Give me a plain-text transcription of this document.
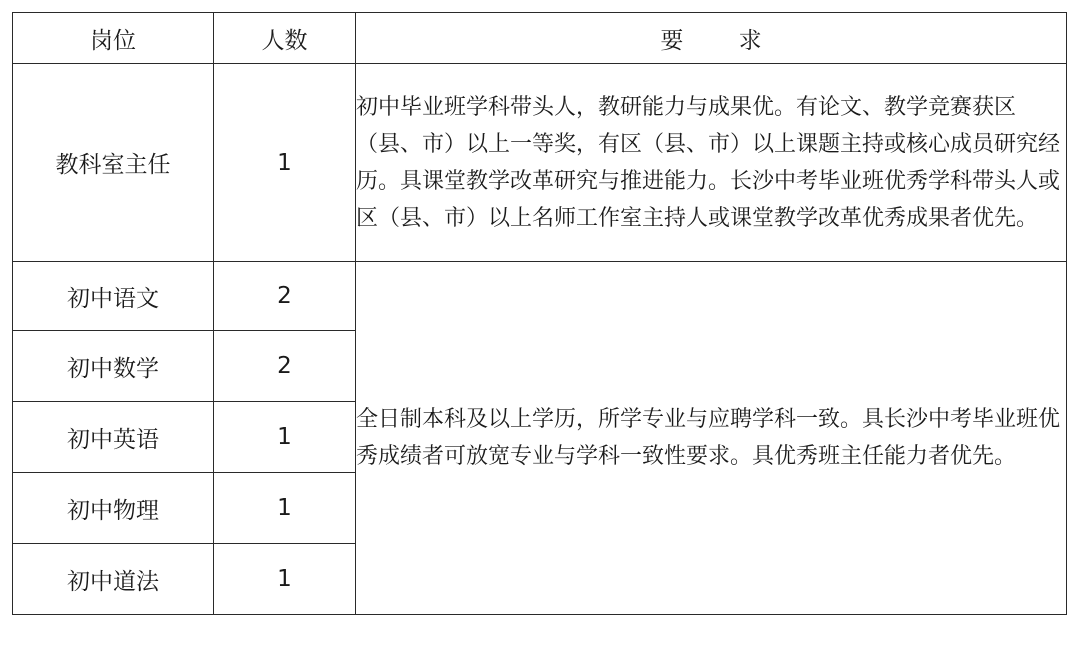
岗位	人数	要 求
教科室主任	1	初中毕业班学科带头人，教研能力与成果优。有论文、教学竞赛获区（县、市）以上一等奖，有区（县、市）以上课题主持或核心成员研究经历。具课堂教学改革研究与推进能力。长沙中考毕业班优秀学科带头人或区（县、市）以上名师工作室主持人或课堂教学改革优秀成果者优先。
初中语文	2	全日制本科及以上学历，所学专业与应聘学科一致。具长沙中考毕业班优秀成绩者可放宽专业与学科一致性要求。具优秀班主任能力者优先。
初中数学	2	
初中英语	1	
初中物理	1	
初中道法	1	
